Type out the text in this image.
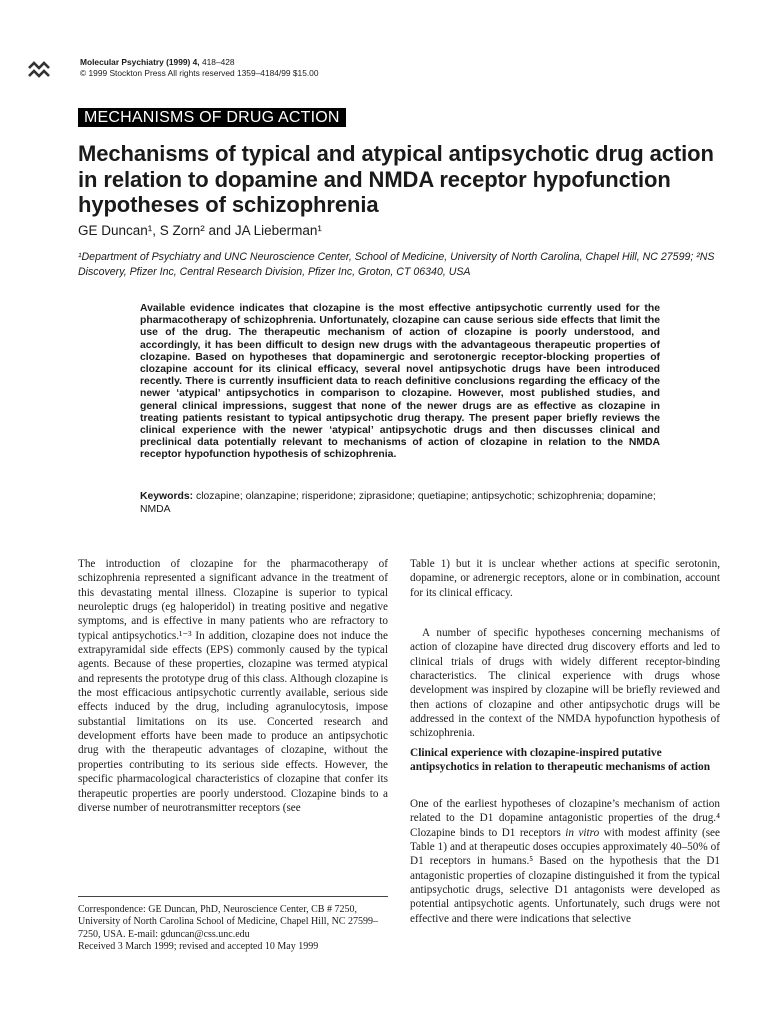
Molecular Psychiatry (1999) 4, 418–428
© 1999 Stockton Press All rights reserved 1359–4184/99 $15.00
MECHANISMS OF DRUG ACTION
Mechanisms of typical and atypical antipsychotic drug action in relation to dopamine and NMDA receptor hypofunction hypotheses of schizophrenia
GE Duncan¹, S Zorn² and JA Lieberman¹
¹Department of Psychiatry and UNC Neuroscience Center, School of Medicine, University of North Carolina, Chapel Hill, NC 27599; ²NS Discovery, Pfizer Inc, Central Research Division, Pfizer Inc, Groton, CT 06340, USA
Available evidence indicates that clozapine is the most effective antipsychotic currently used for the pharmacotherapy of schizophrenia. Unfortunately, clozapine can cause serious side effects that limit the use of the drug. The therapeutic mechanism of action of clozapine is poorly understood, and accordingly, it has been difficult to design new drugs with the advantageous therapeutic properties of clozapine. Based on hypotheses that dopaminergic and serotonergic receptor-blocking properties of clozapine account for its clinical efficacy, several novel antipsychotic drugs have been introduced recently. There is currently insufficient data to reach definitive conclusions regarding the efficacy of the newer ‘atypical’ antipsychotics in comparison to clozapine. However, most published studies, and general clinical impressions, suggest that none of the newer drugs are as effective as clozapine in treating patients resistant to typical antipsychotic drug therapy. The present paper briefly reviews the clinical experience with the newer ‘atypical’ antipsychotic drugs and then discusses clinical and preclinical data potentially relevant to mechanisms of action of clozapine in relation to the NMDA receptor hypofunction hypothesis of schizophrenia.
Keywords: clozapine; olanzapine; risperidone; ziprasidone; quetiapine; antipsychotic; schizophrenia; dopamine; NMDA
The introduction of clozapine for the pharmacotherapy of schizophrenia represented a significant advance in the treatment of this devastating mental illness. Clozapine is superior to typical neuroleptic drugs (eg haloperidol) in treating positive and negative symptoms, and is effective in many patients who are refractory to typical antipsychotics.¹⁻³ In addition, clozapine does not induce the extrapyramidal side effects (EPS) commonly caused by the typical agents. Because of these properties, clozapine was termed atypical and represents the prototype drug of this class. Although clozapine is the most efficacious antipsychotic currently available, serious side effects induced by the drug, including agranulocytosis, impose substantial limitations on its use. Concerted research and development efforts have been made to produce an antipsychotic drug with the therapeutic advantages of clozapine, without the properties contributing to its serious side effects. However, the specific pharmacological characteristics of clozapine that confer its therapeutic properties are poorly understood. Clozapine binds to a diverse number of neurotransmitter receptors (see
Table 1) but it is unclear whether actions at specific serotonin, dopamine, or adrenergic receptors, alone or in combination, account for its clinical efficacy.
A number of specific hypotheses concerning mechanisms of action of clozapine have directed drug discovery efforts and led to clinical trials of drugs with widely different receptor-binding characteristics. The clinical experience with drugs whose development was inspired by clozapine will be briefly reviewed and then actions of clozapine and other antipsychotic drugs will be addressed in the context of the NMDA hypofunction hypothesis of schizophrenia.
Clinical experience with clozapine-inspired putative antipsychotics in relation to therapeutic mechanisms of action
One of the earliest hypotheses of clozapine’s mechanism of action related to the D1 dopamine antagonistic properties of the drug.⁴ Clozapine binds to D1 receptors in vitro with modest affinity (see Table 1) and at therapeutic doses occupies approximately 40–50% of D1 receptors in humans.⁵ Based on the hypothesis that the D1 antagonistic properties of clozapine distinguished it from the typical antipsychotic drugs, selective D1 antagonists were developed as potential antipsychotic agents. Unfortunately, such drugs were not effective and there were indications that selective
Correspondence: GE Duncan, PhD, Neuroscience Center, CB # 7250, University of North Carolina School of Medicine, Chapel Hill, NC 27599–7250, USA. E-mail: gduncan@css.unc.edu
Received 3 March 1999; revised and accepted 10 May 1999
